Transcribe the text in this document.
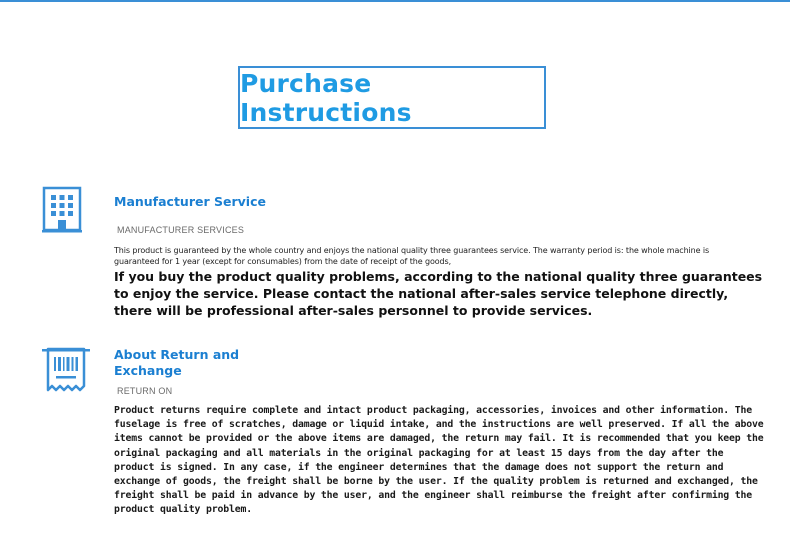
Purchase Instructions
Manufacturer Service
MANUFACTURER SERVICES
This product is guaranteed by the whole country and enjoys the national quality three guarantees service. The warranty period is: the whole machine is guaranteed for 1 year (except for consumables) from the date of receipt of the goods,
If you buy the product quality problems, according to the national quality three guarantees to enjoy the service. Please contact the national after-sales service telephone directly, there will be professional after-sales personnel to provide services.
About Return and
Exchange
RETURN ON
Product returns require complete and intact product packaging, accessories, invoices and other information. The fuselage is free of scratches, damage or liquid intake, and the instructions are well preserved. If all the above items cannot be provided or the above items are damaged, the return may fail. It is recommended that you keep the original packaging and all materials in the original packaging for at least 15 days from the day after the product is signed. In any case, if the engineer determines that the damage does not support the return and exchange of goods, the freight shall be borne by the user. If the quality problem is returned and exchanged, the freight shall be paid in advance by the user, and the engineer shall reimburse the freight after confirming the product quality problem.
